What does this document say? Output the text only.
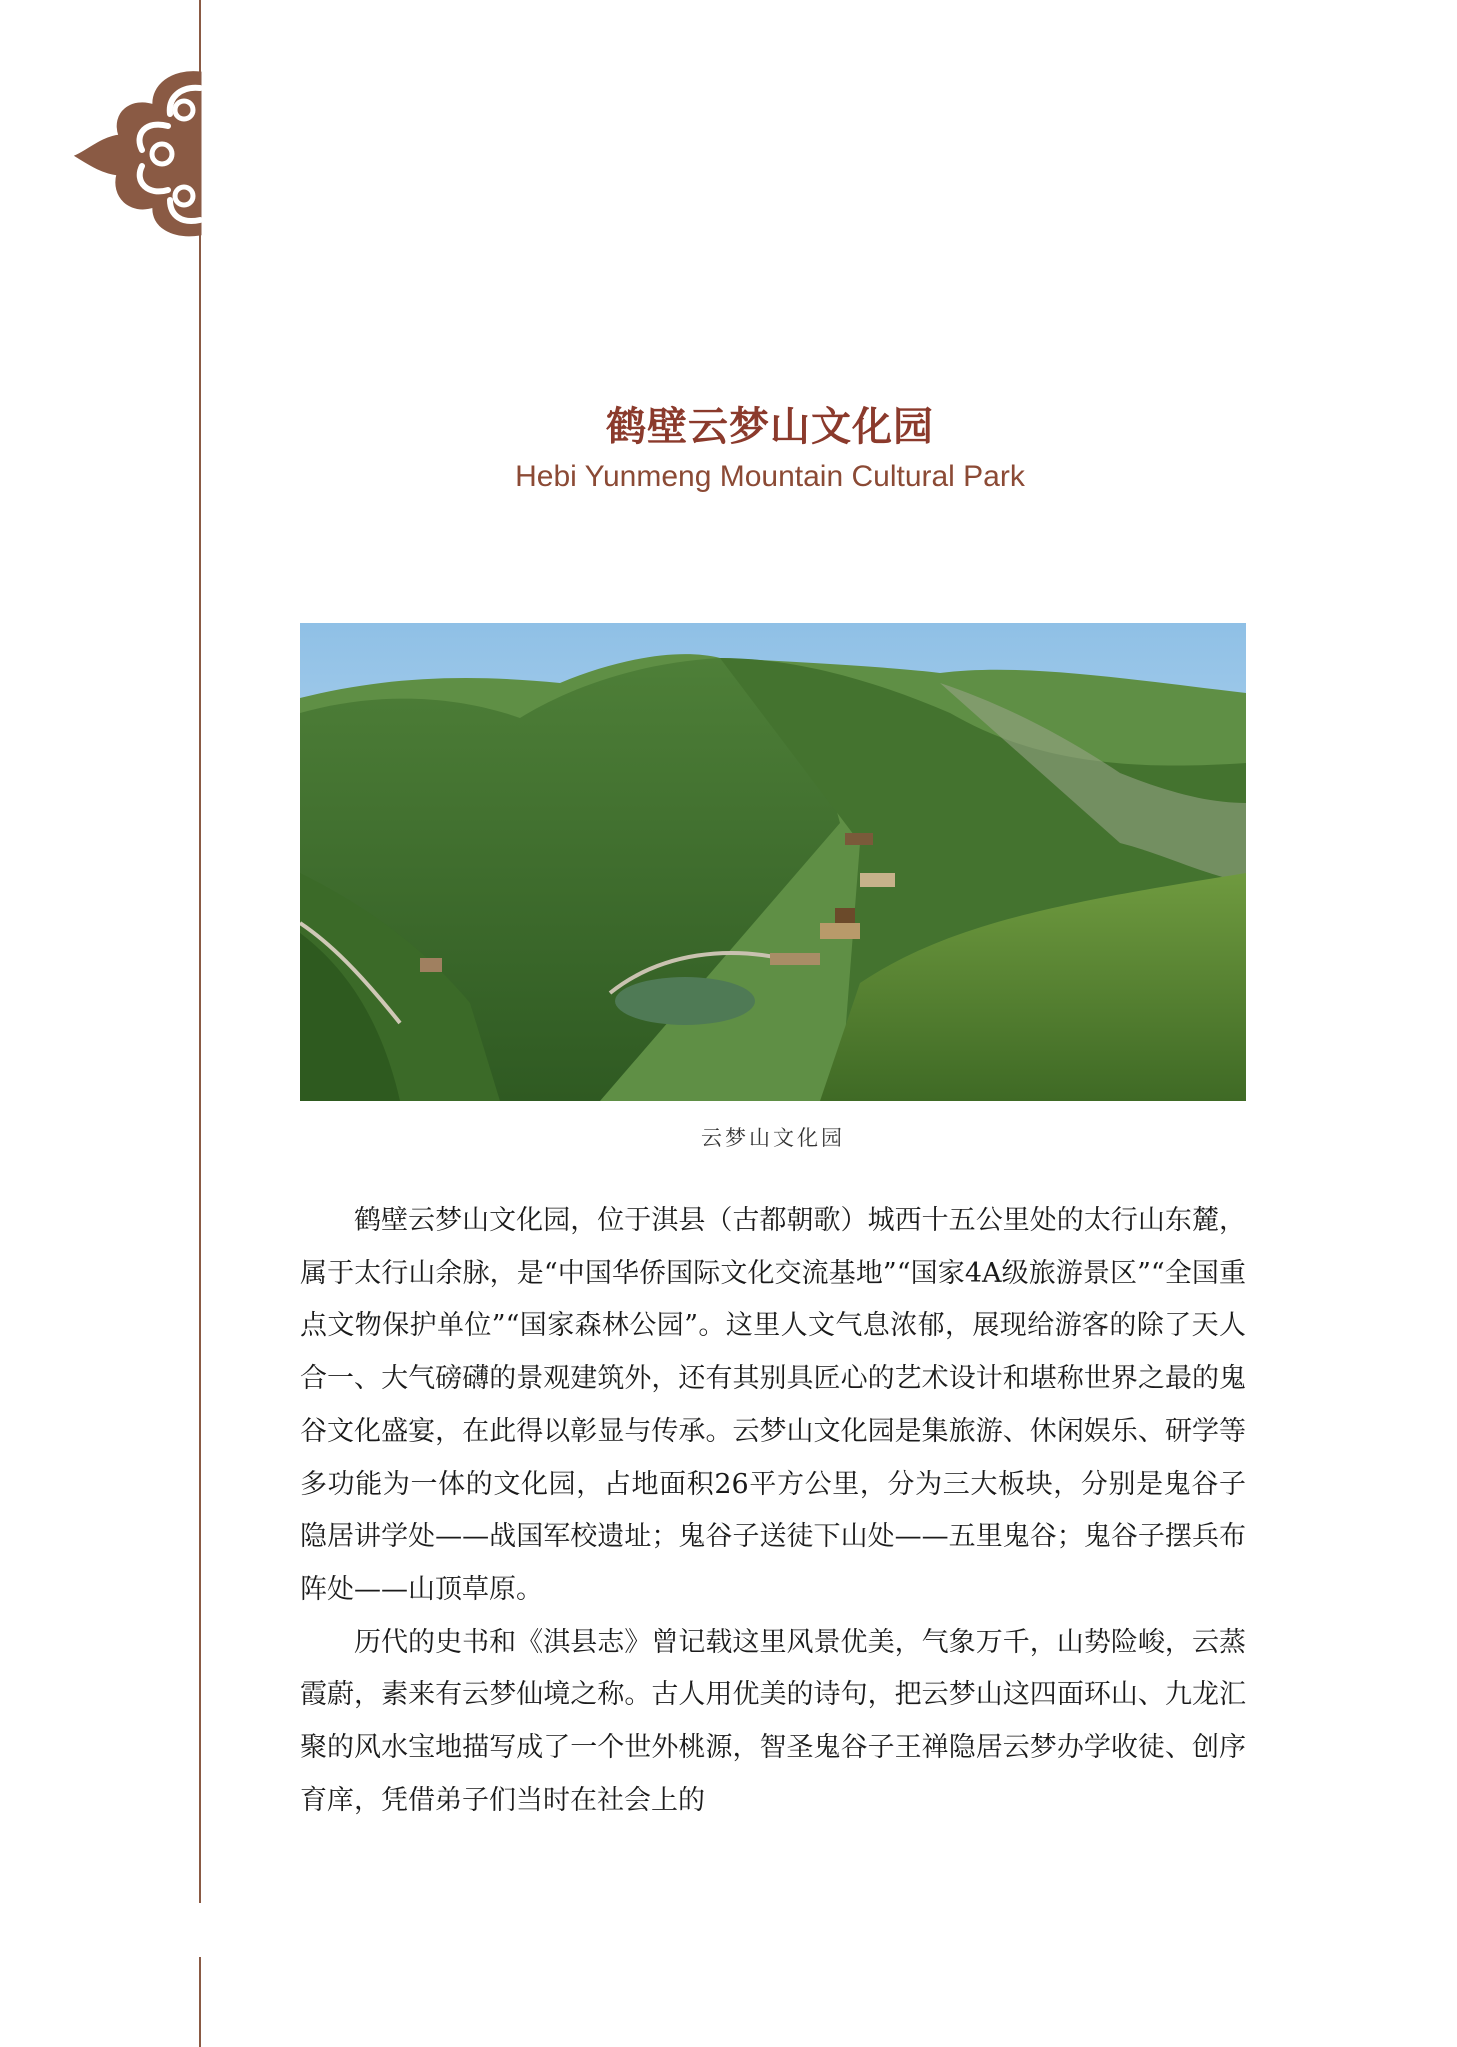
鹤壁云梦山文化园
Hebi Yunmeng Mountain Cultural Park
云梦山文化园

鹤壁云梦山文化园，位于淇县（古都朝歌）城西十五公里处的太行山东麓，属于太行山余脉，是“中国华侨国际文化交流基地”“国家4A级旅游景区”“全国重点文物保护单位”“国家森林公园”。这里人文气息浓郁，展现给游客的除了天人合一、大气磅礴的景观建筑外，还有其别具匠心的艺术设计和堪称世界之最的鬼谷文化盛宴，在此得以彰显与传承。云梦山文化园是集旅游、休闲娱乐、研学等多功能为一体的文化园，占地面积26平方公里，分为三大板块，分别是鬼谷子隐居讲学处——战国军校遗址；鬼谷子送徒下山处——五里鬼谷；鬼谷子摆兵布阵处——山顶草原。

历代的史书和《淇县志》曾记载这里风景优美，气象万千，山势险峻，云蒸霞蔚，素来有云梦仙境之称。古人用优美的诗句，把云梦山这四面环山、九龙汇聚的风水宝地描写成了一个世外桃源，智圣鬼谷子王禅隐居云梦办学收徒、创序育庠，凭借弟子们当时在社会上的
